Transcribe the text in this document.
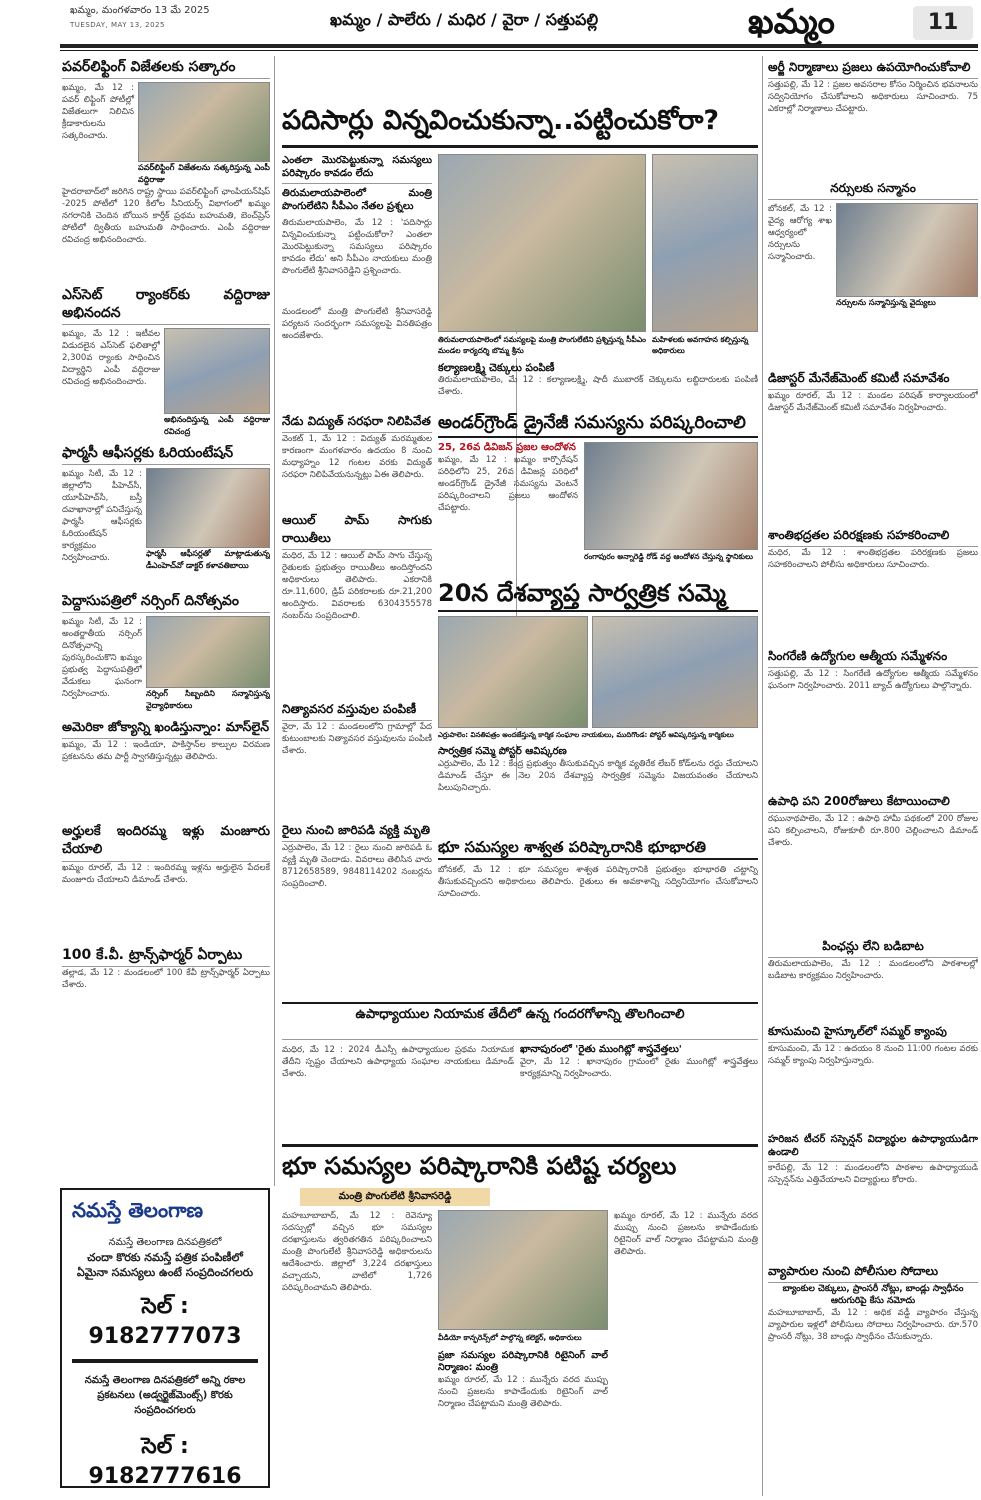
ఖమ్మం, మంగళవారం 13 మే 2025
TUESDAY, MAY 13, 2025	ఖమ్మం / పాలేరు / మధిర / వైరా / సత్తుపల్లి	ఖమ్మం	11
పవర్‌లిఫ్టింగ్ విజేతలకు సత్కారం
ఖమ్మం, మే 12 : పవర్ లిఫ్టింగ్ పోటీల్లో విజేతలుగా నిలిచిన క్రీడాకారులను సత్కరించారు.
పవర్‌లిఫ్టింగ్ విజేతలను సత్కరిస్తున్న ఎంపీ వద్దిరాజు
హైదరాబాద్‌లో జరిగిన రాష్ట్ర స్థాయి పవర్‌లిఫ్టింగ్ ఛాంపియన్‌షిప్ -2025 పోటీలో 120 కిలోల సీనియర్స్ విభాగంలో ఖమ్మం నగరానికి చెందిన బోయిన కార్తీక్ ప్రథమ బహుమతి, బెంచ్‌ప్రెస్ పోటీలో ద్వితీయ బహుమతి సాధించారు. ఎంపీ వద్దిరాజు రవిచంద్ర అభినందించారు.
ఎస్‌సెట్ ర్యాంకర్‌కు వద్దిరాజు అభినందన
ఖమ్మం, మే 12 : ఇటీవల విడుదలైన ఎస్‌సెట్ ఫలితాల్లో 2,300వ ర్యాంకు సాధించిన విద్యార్థిని ఎంపీ వద్దిరాజు రవిచంద్ర అభినందించారు.
అభినందిస్తున్న ఎంపీ వద్దిరాజు రవిచంద్ర
ఫార్మసీ ఆఫీసర్లకు ఓరియంటేషన్
ఖమ్మం సిటీ, మే 12 : జిల్లాలోని పీహెచ్‌సీ, యూపీహెచ్‌సీ, బస్తీ దవాఖానాల్లో పనిచేస్తున్న ఫార్మసీ ఆఫీసర్లకు ఓరియంటేషన్ కార్యక్రమం నిర్వహించారు.	ఫార్మసీ ఆఫీసర్లతో మాట్లాడుతున్న డీఎంహెచ్‌వో డాక్టర్ కళావతిబాయి
పెద్దాసుపత్రిలో నర్సింగ్ దినోత్సవం
ఖమ్మం సిటీ, మే 12 : అంతర్జాతీయ నర్సింగ్ దినోత్సవాన్ని పురస్కరించుకొని ఖమ్మం ప్రభుత్వ పెద్దాసుపత్రిలో వేడుకలు ఘనంగా నిర్వహించారు.	నర్సింగ్ సిబ్బందిని సన్మానిస్తున్న వైద్యాధికారులు
అమెరికా జోక్యాన్ని ఖండిస్తున్నాం: మాస్‌లైన్
ఖమ్మం, మే 12 : ఇండియా, పాకిస్తాన్‌ల కాల్పుల విరమణ ప్రకటనను తమ పార్టీ స్వాగతిస్తున్నట్లు తెలిపారు.
అర్హులకే ఇందిరమ్మ ఇళ్లు మంజూరు చేయాలి
ఖమ్మం రూరల్, మే 12 : ఇందిరమ్మ ఇళ్లను అర్హులైన పేదలకే మంజూరు చేయాలని డిమాండ్ చేశారు.
100 కే.వీ. ట్రాన్స్‌ఫార్మర్ ఏర్పాటు
తల్లాడ, మే 12 : మండలంలో 100 కేవీ ట్రాన్స్‌ఫార్మర్ ఏర్పాటు చేశారు.
నమస్తే తెలంగాణ
నమస్తే తెలంగాణ దినపత్రికలో
చందా కొరకు నమస్తే పత్రిక పంపిణీలో
ఏమైనా సమస్యలు ఉంటే సంప్రదించగలరు
సెల్ : 9182777073
నమస్తే తెలంగాణ దినపత్రికలో అన్ని రకాల
ప్రకటనలు (అడ్వర్టైజ్‌మెంట్స్) కొరకు సంప్రదించగలరు
సెల్ : 9182777616
పదిసార్లు విన్నవించుకున్నా..పట్టించుకోరా?
ఎంతలా మొరపెట్టుకున్నా సమస్యలు పరిష్కారం కావడం లేదు
తిరుమలాయపాలెంలో మంత్రి పొంగులేటిని సీపీఎం నేతల ప్రశ్నలు
తిరుమలాయపాలెం, మే 12 : 'పదిసార్లు విన్నవించుకున్నా పట్టించుకోరా? ఎంతలా మొరపెట్టుకున్నా సమస్యలు పరిష్కారం కావడం లేదు' అని సీపీఎం నాయకులు మంత్రి పొంగులేటి శ్రీనివాసరెడ్డిని ప్రశ్నించారు.
తిరుమలాయపాలెంలో సమస్యలపై మంత్రి పొంగులేటిని ప్రశ్నిస్తున్న సీపీఎం మండల కార్యదర్శి బొమ్మ శ్రీను
మహిళలకు అవగాహన కల్పిస్తున్న అధికారులు
మండలంలో మంత్రి పొంగులేటి శ్రీనివాసరెడ్డి పర్యటన సందర్భంగా సమస్యలపై వినతిపత్రం అందజేశారు.
కల్యాణలక్ష్మి చెక్కులు పంపిణీ
తిరుమలాయపాలెం, మే 12 : కల్యాణలక్ష్మి, షాదీ ముబారక్ చెక్కులను లబ్ధిదారులకు పంపిణీ చేశారు.
నేడు విద్యుత్ సరఫరా నిలిపివేత
వెంకట్ 1, మే 12 : విద్యుత్ మరమ్మతుల కారణంగా మంగళవారం ఉదయం 8 నుంచి మధ్యాహ్నం 12 గంటల వరకు విద్యుత్ సరఫరా నిలిపివేయనున్నట్లు ఏఈ తెలిపారు.
ఆయిల్ పామ్ సాగుకు రాయితీలు
మధిర, మే 12 : ఆయిల్ పామ్ సాగు చేస్తున్న రైతులకు ప్రభుత్వం రాయితీలు అందిస్తోందని అధికారులు తెలిపారు. ఎకరానికి రూ.11,600, డ్రిప్ పరికరాలకు రూ.21,200 అందిస్తారు. వివరాలకు 6304355578 నంబర్‌ను సంప్రదించాలి.
నిత్యావసర వస్తువుల పంపిణీ
వైరా, మే 12 : మండలంలోని గ్రామాల్లో పేద కుటుంబాలకు నిత్యావసర వస్తువులను పంపిణీ చేశారు.
రైలు నుంచి జారిపడి వ్యక్తి మృతి
ఎర్రుపాలెం, మే 12 : రైలు నుంచి జారిపడి ఓ వ్యక్తి మృతి చెందాడు. వివరాలు తెలిసిన వారు 8712658589, 9848114202 నంబర్లను సంప్రదించాలి.
అండర్‌గ్రౌండ్ డ్రైనేజీ సమస్యను పరిష్కరించాలి
25, 26వ డివిజన్ ప్రజల ఆందోళన
ఖమ్మం, మే 12 : ఖమ్మం కార్పొరేషన్ పరిధిలోని 25, 26వ డివిజన్ల పరిధిలో అండర్‌గ్రౌండ్ డ్రైనేజీ సమస్యను వెంటనే పరిష్కరించాలని ప్రజలు ఆందోళన చేపట్టారు.
రంగాపురం అన్నారెడ్డి రోడ్ వద్ద ఆందోళన చేస్తున్న స్థానికులు
20న దేశవ్యాప్త సార్వత్రిక సమ్మె
ఎర్రుపాలెం: వినతిపత్రం అందజేస్తున్న కార్మిక సంఘాల నాయకులు, ముదిగొండ: పోస్టర్ ఆవిష్కరిస్తున్న కార్మికులు
సార్వత్రిక సమ్మె పోస్టర్ ఆవిష్కరణ
ఎర్రుపాలెం, మే 12 : కేంద్ర ప్రభుత్వం తీసుకువచ్చిన కార్మిక వ్యతిరేక లేబర్ కోడ్‌లను రద్దు చేయాలని డిమాండ్ చేస్తూ ఈ నెల 20న దేశవ్యాప్త సార్వత్రిక సమ్మెను విజయవంతం చేయాలని పిలుపునిచ్చారు.
భూ సమస్యల శాశ్వత పరిష్కారానికి భూభారతి
బోనకల్, మే 12 : భూ సమస్యల శాశ్వత పరిష్కారానికి ప్రభుత్వం భూభారతి చట్టాన్ని తీసుకువచ్చిందని అధికారులు తెలిపారు. రైతులు ఈ అవకాశాన్ని సద్వినియోగం చేసుకోవాలని సూచించారు.
ఉపాధ్యాయుల నియామక తేదీలో ఉన్న గందరగోళాన్ని తొలగించాలి
మధిర, మే 12 : 2024 డీఎస్సీ ఉపాధ్యాయుల ప్రథమ నియామక తేదీని స్పష్టం చేయాలని ఉపాధ్యాయ సంఘాల నాయకులు డిమాండ్ చేశారు.
ఖానాపురంలో 'రైతు ముంగిట్లో శాస్త్రవేత్తలు'
వైరా, మే 12 : ఖానాపురం గ్రామంలో రైతు ముంగిట్లో శాస్త్రవేత్తలు కార్యక్రమాన్ని నిర్వహించారు.
భూ సమస్యల పరిష్కారానికి పటిష్ట చర్యలు
మంత్రి పొంగులేటి శ్రీనివాసరెడ్డి
మహబూబాబాద్, మే 12 : రెవెన్యూ సదస్సుల్లో వచ్చిన భూ సమస్యల దరఖాస్తులను త్వరితగతిన పరిష్కరించాలని మంత్రి పొంగులేటి శ్రీనివాసరెడ్డి అధికారులను ఆదేశించారు. జిల్లాలో 3,224 దరఖాస్తులు వచ్చాయని, వాటిలో 1,726 పరిష్కరించామని తెలిపారు.
వీడియో కాన్ఫరెన్స్‌లో పాల్గొన్న కలెక్టర్, అధికారులు
ప్రజా సమస్యల పరిష్కారానికి రిటైనింగ్ వాల్ నిర్మాణం: మంత్రి
ఖమ్మం రూరల్, మే 12 : మున్నేరు వరద ముప్పు నుంచి ప్రజలను కాపాడేందుకు రిటైనింగ్ వాల్ నిర్మాణం చేపట్టామని మంత్రి తెలిపారు.
ఖమ్మం రూరల్, మే 12 : మున్నేరు వరద ముప్పు నుంచి ప్రజలను కాపాడేందుకు రిటైనింగ్ వాల్ నిర్మాణం చేపట్టామని మంత్రి తెలిపారు.
అర్జీ నిర్మాణాలు ప్రజలు ఉపయోగించుకోవాలి
సత్తుపల్లి, మే 12 : ప్రజల అవసరాల కోసం నిర్మించిన భవనాలను సద్వినియోగం చేసుకోవాలని అధికారులు సూచించారు. 75 ఎకరాల్లో నిర్మాణాలు చేపట్టారు.
నర్సులకు సన్మానం
బోనకల్, మే 12 : వైద్య ఆరోగ్య శాఖ ఆధ్వర్యంలో నర్సులను సన్మానించారు.
నర్సులను సన్మానిస్తున్న వైద్యులు
డిజాస్టర్ మేనేజ్‌మెంట్ కమిటీ సమావేశం
ఖమ్మం రూరల్, మే 12 : మండల పరిషత్ కార్యాలయంలో డిజాస్టర్ మేనేజ్‌మెంట్ కమిటీ సమావేశం నిర్వహించారు.
శాంతిభద్రతల పరిరక్షణకు సహకరించాలి
మధిర, మే 12 : శాంతిభద్రతల పరిరక్షణకు ప్రజలు సహకరించాలని పోలీసు అధికారులు సూచించారు.
సింగరేణి ఉద్యోగుల ఆత్మీయ సమ్మేళనం
సత్తుపల్లి, మే 12 : సింగరేణి ఉద్యోగుల ఆత్మీయ సమ్మేళనం ఘనంగా నిర్వహించారు. 2011 బ్యాచ్ ఉద్యోగులు పాల్గొన్నారు.
ఉపాధి పని 200రోజులు కేటాయించాలి
రఘునాథపాలెం, మే 12 : ఉపాధి హామీ పథకంలో 200 రోజుల పని కల్పించాలని, రోజుకూలీ రూ.800 చెల్లించాలని డిమాండ్ చేశారు.
పింఛన్లు లేని బడిబాట
తిరుమలాయపాలెం, మే 12 : మండలంలోని పాఠశాలల్లో బడిబాట కార్యక్రమం నిర్వహించారు.
కూసుమంచి హైస్కూల్‌లో సమ్మర్ క్యాంపు
కూసుమంచి, మే 12 : ఉదయం 8 నుంచి 11:00 గంటల వరకు సమ్మర్ క్యాంపు నిర్వహిస్తున్నారు.
హరిజన టీచర్ సస్పెన్షన్ విద్యార్థుల ఉపాధ్యాయుడిగా ఉండాలి
కారేపల్లి, మే 12 : మండలంలోని పాఠశాల ఉపాధ్యాయుడి సస్పెన్షన్‌ను ఎత్తివేయాలని విద్యార్థులు కోరారు.
వ్యాపారుల నుంచి పోలీసుల సోదాలు
బ్యాంకుల చెక్కులు, ప్రాంసరీ నోట్లు, బాండ్లు స్వాధీనం ఆరుగురిపై కేసు నమోదు
మహబూబాబాద్, మే 12 : అధిక వడ్డీ వ్యాపారం చేస్తున్న వ్యాపారుల ఇళ్లలో పోలీసులు సోదాలు నిర్వహించారు. రూ.570 ప్రాంసరీ నోట్లు, 38 బాండ్లు స్వాధీనం చేసుకున్నారు.
